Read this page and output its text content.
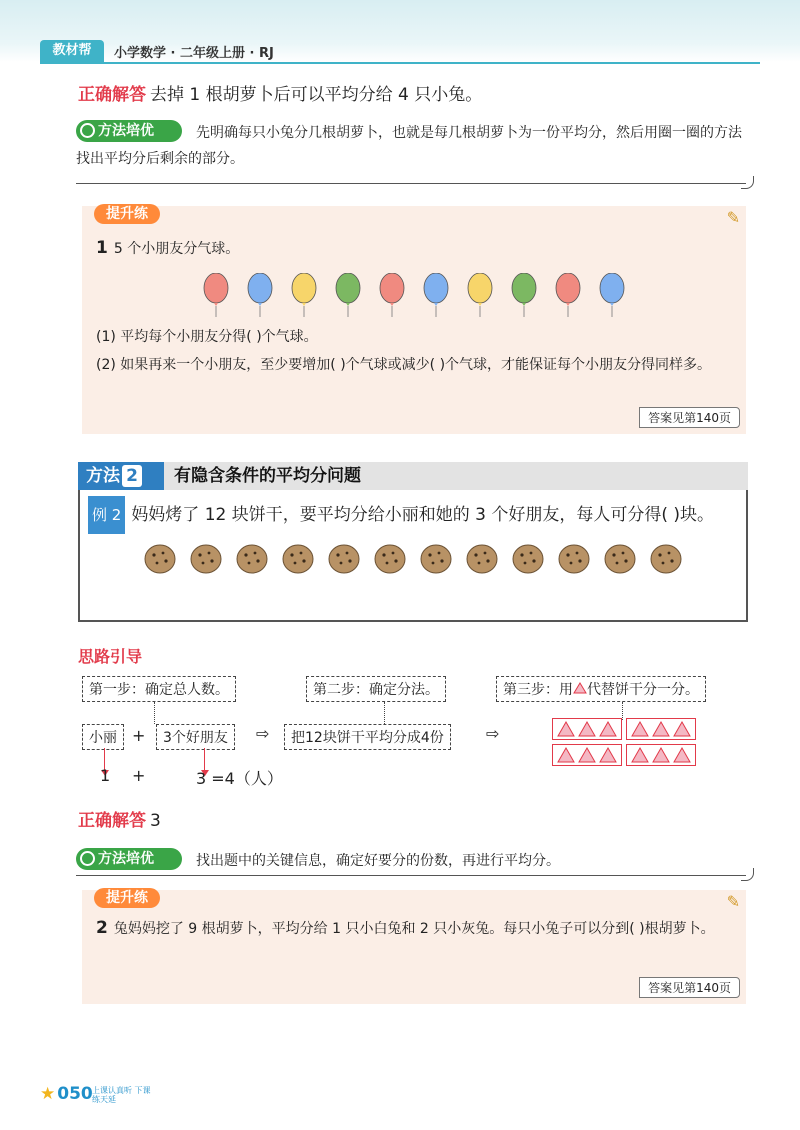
教材帮	小学数学 · 二年级上册 · RJ
正确解答 去掉 1 根胡萝卜后可以平均分给 4 只小兔。
方法培优	先明确每只小兔分几根胡萝卜，也就是每几根胡萝卜为一份平均分，然后用圈一圈的方法找出平均分后剩余的部分。

提升练	✎

1 5 个小朋友分气球。

(1) 平均每个小朋友分得( )个气球。

(2) 如果再来一个小朋友，至少要增加( )个气球或减少( )个气球，才能保证每个小朋友分得同样多。

答案见第140页
方法 2	有隐含条件的平均分问题

例 2 妈妈烤了 12 块饼干，要平均分给小丽和她的 3 个好朋友，每人可分得( )块。

思路引导
第一步：确定总人数。	第二步：确定分法。	第三步：用 代替饼干分一分。
小丽 +	3个好朋友	⇨	把12块饼干平均分成4份	⇨
1 +	3 =4（人）
正确解答 3
方法培优	找出题中的关键信息，确定好要分的份数，再进行平均分。

提升练	✎

2 兔妈妈挖了 9 根胡萝卜，平均分给 1 只小白兔和 2 只小灰兔。每只小兔子可以分到( )根胡萝卜。

答案见第140页
★ 050 上课认真听 下课练天延
